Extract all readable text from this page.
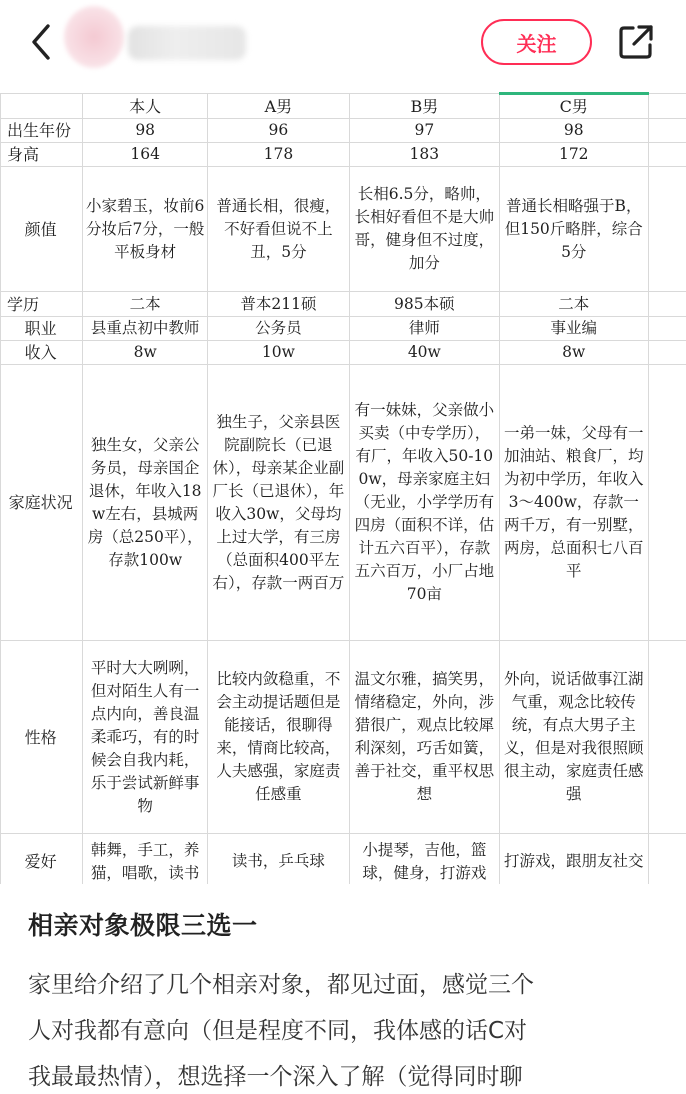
关注
	本人	A男	B男	C男	
出生年份	98	96	97	98	
身高	164	178	183	172	
颜值	小家碧玉，妆前6分妆后7分，一般平板身材	普通长相，很瘦，不好看但说不上丑，5分	长相6.5分，略帅，长相好看但不是大帅哥，健身但不过度，加分	普通长相略强于B，但150斤略胖，综合5分	
学历	二本	普本211硕	985本硕	二本	
职业	县重点初中教师	公务员	律师	事业编	
收入	8w	10w	40w	8w	
家庭状况	独生女，父亲公务员，母亲国企退休，年收入18w左右，县城两房（总250平），存款100w	独生子，父亲县医院副院长（已退休），母亲某企业副厂长（已退休），年收入30w，父母均上过大学，有三房（总面积400平左右），存款一两百万	有一妹妹，父亲做小买卖（中专学历），有厂，年收入50-100w，母亲家庭主妇（无业，小学学历有四房（面积不详，估计五六百平），存款五六百万，小厂占地70亩	一弟一妹，父母有一加油站、粮食厂，均为初中学历，年收入3～400w，存款一两千万，有一别墅，两房，总面积七八百平	
性格	平时大大咧咧，但对陌生人有一点内向，善良温柔乖巧，有的时候会自我内耗，乐于尝试新鲜事物	比较内敛稳重，不会主动提话题但是能接话，很聊得来，情商比较高，人夫感强，家庭责任感重	温文尔雅，搞笑男，情绪稳定，外向，涉猎很广，观点比较犀利深刻，巧舌如簧，善于社交，重平权思想	外向，说话做事江湖气重，观念比较传统，有点大男子主义，但是对我很照顾很主动，家庭责任感强	
爱好	韩舞，手工，养猫，唱歌，读书	读书，乒乓球	小提琴，吉他，篮球，健身，打游戏	打游戏，跟朋友社交	
相亲对象极限三选一
家里给介绍了几个相亲对象，都见过面，感觉三个
人对我都有意向（但是程度不同，我体感的话C对
我最最热情），想选择一个深入了解（觉得同时聊
